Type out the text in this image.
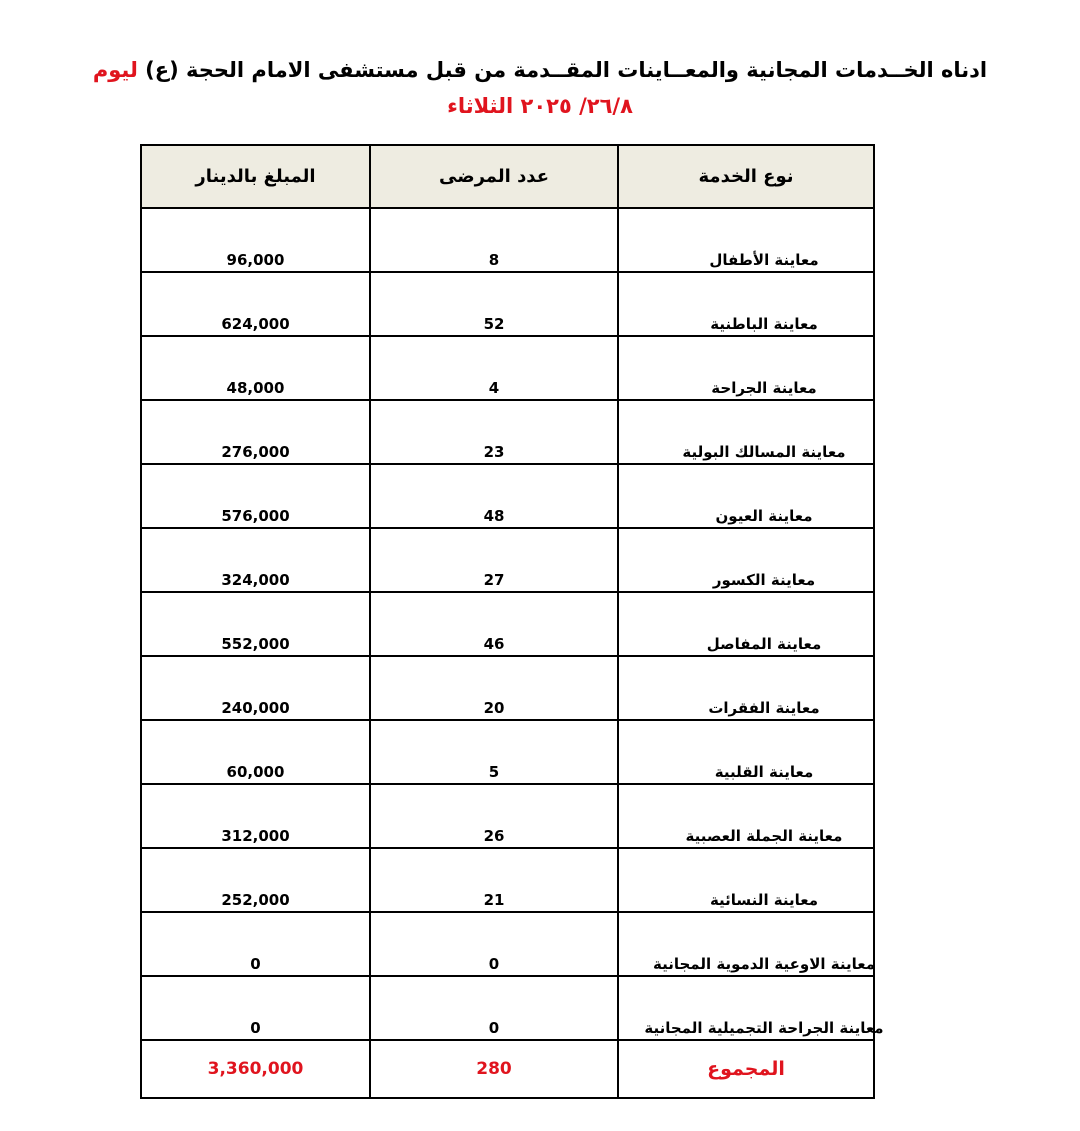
ادناه الخــدمات المجانية والمعــاينات المقــدمة من قبل مستشفى الامام الحجة (ع) ليوم
٢٦/٨/ ٢٠٢٥ الثلاثاء
المبلغ بالدينار	عدد المرضى	نوع الخدمة
96,000	8	معاينة الأطفال
624,000	52	معاينة الباطنية
48,000	4	معاينة الجراحة
276,000	23	معاينة المسالك البولية
576,000	48	معاينة العيون
324,000	27	معاينة الكسور
552,000	46	معاينة المفاصل
240,000	20	معاينة الفقرات
60,000	5	معاينة القلبية
312,000	26	معاينة الجملة العصبية
252,000	21	معاينة النسائية
0	0	معاينة الاوعية الدموية المجانية
0	0	معاينة الجراحة التجميلية المجانية
3,360,000	280	المجموع
